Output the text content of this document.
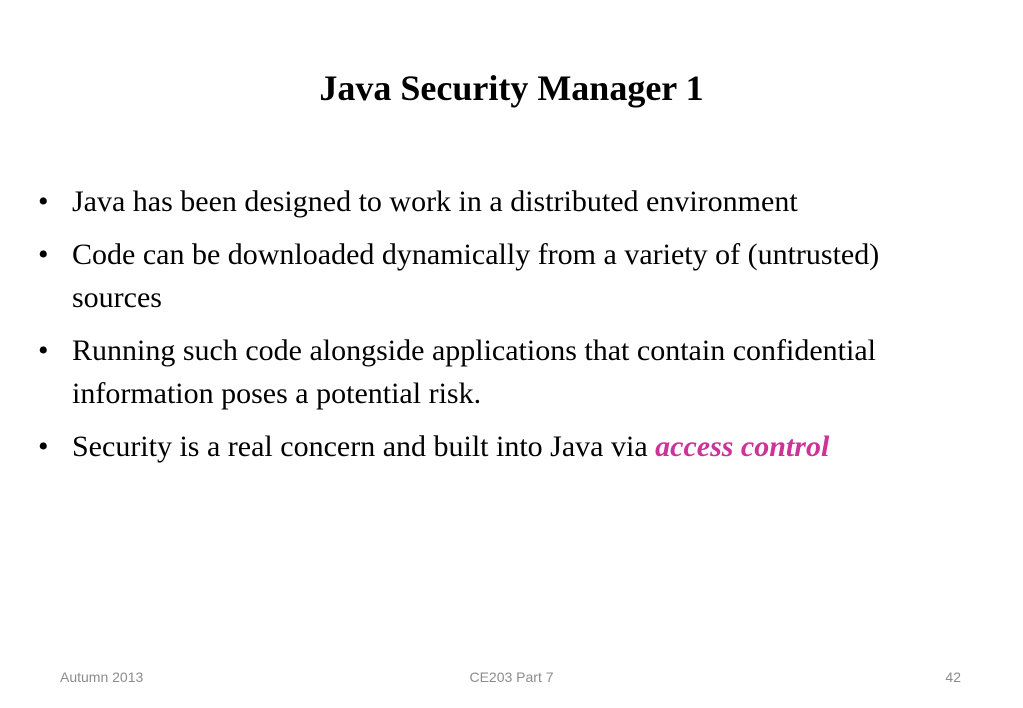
Java Security Manager 1
• Java has been designed to work in a distributed environment
• Code can be downloaded dynamically from a variety of (untrusted) sources
• Running such code alongside applications that contain confidential information poses a potential risk.
• Security is a real concern and built into Java via access control
Autumn 2013	CE203 Part 7	42
